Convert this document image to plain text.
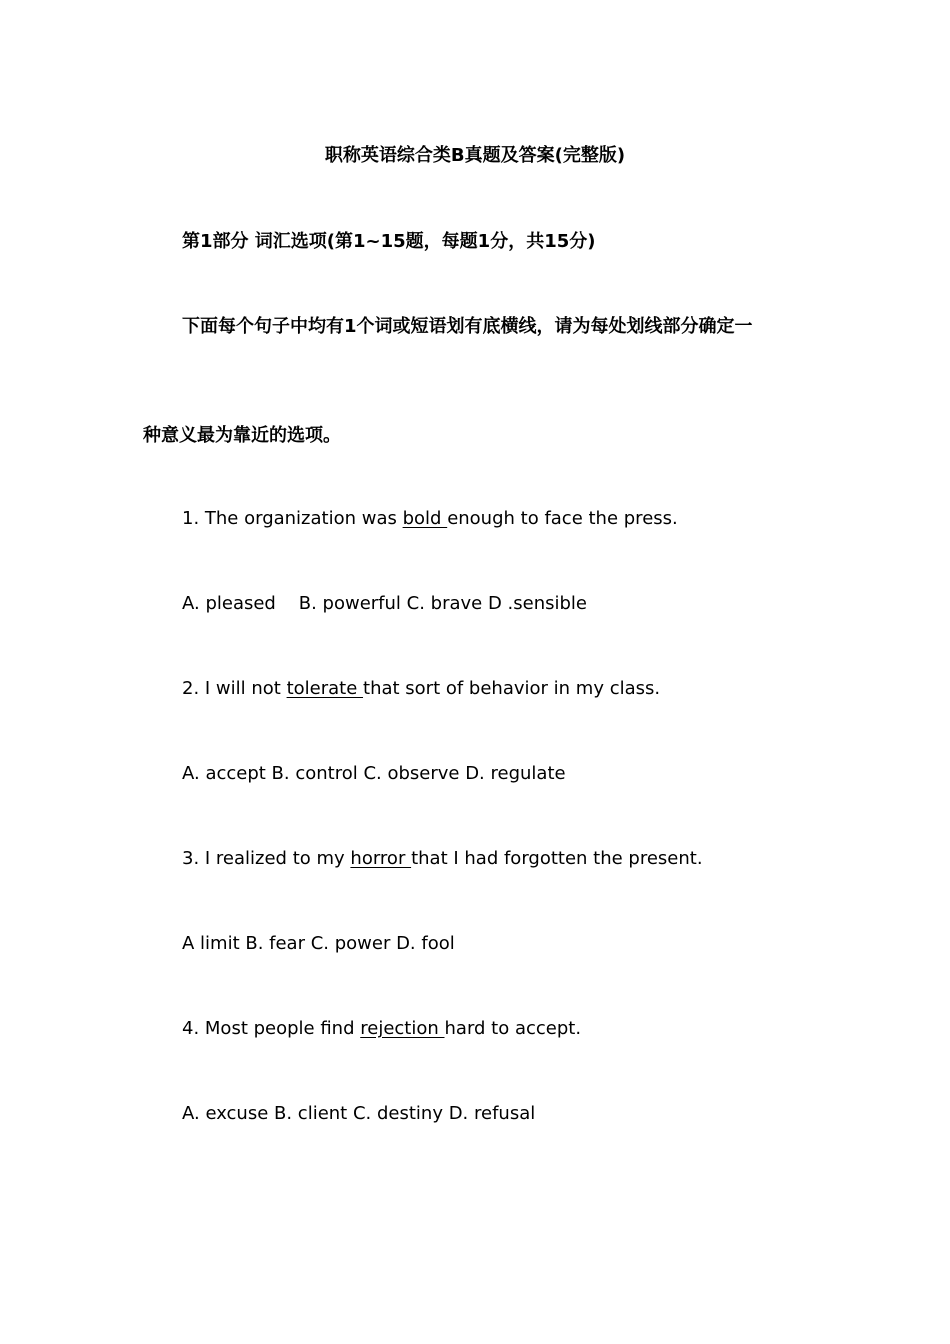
职称英语综合类B真题及答案(完整版)
第1部分 词汇选项(第1~15题，每题1分，共15分)
下面每个句子中均有1个词或短语划有底横线，请为每处划线部分确定一
种意义最为靠近的选项。
1. The organization was bold enough to face the press.
A. pleased    B. powerful C. brave D .sensible
2. I will not tolerate that sort of behavior in my class.
A. accept B. control C. observe D. regulate
3. I realized to my horror that I had forgotten the present.
A limit B. fear C. power D. fool
4. Most people find rejection hard to accept.
A. excuse B. client C. destiny D. refusal
